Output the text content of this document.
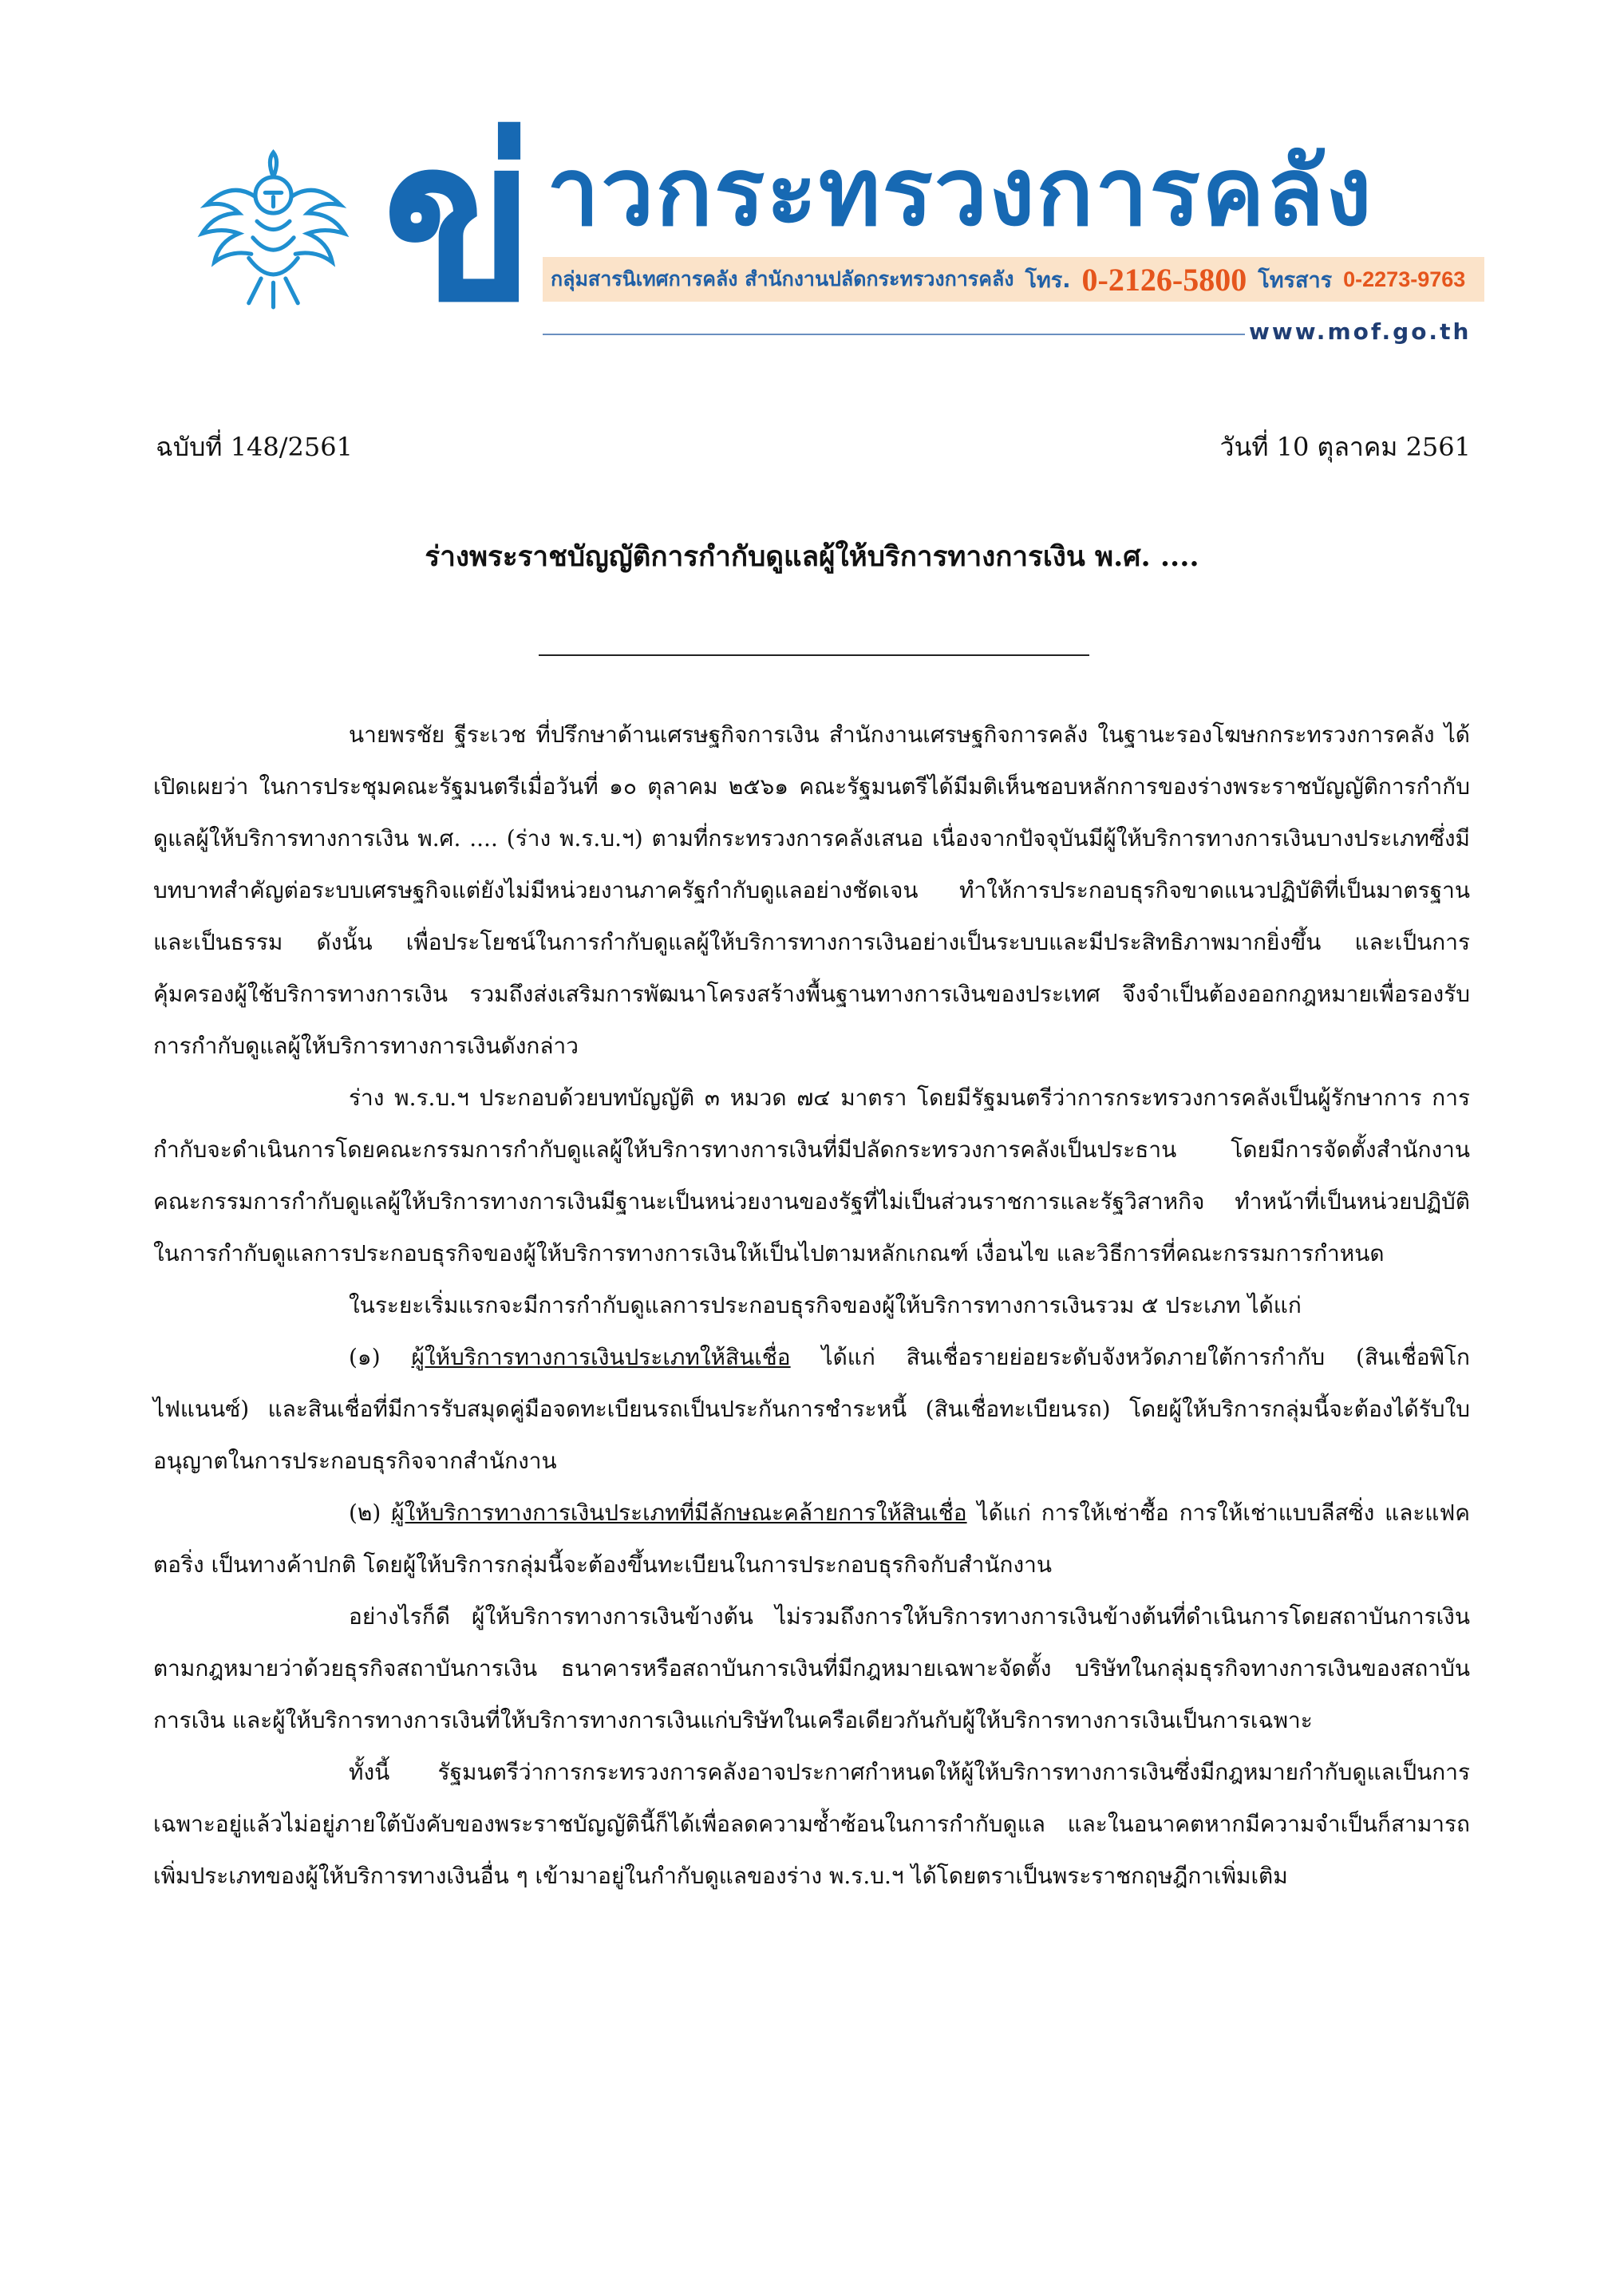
ข่ าวกระทรวงการคลัง
กลุ่มสารนิเทศการคลัง สำนักงานปลัดกระทรวงการคลัง โทร. 0-2126-5800 โทรสาร 0-2273-9763
www.mof.go.th
ฉบับที่ 148/2561	วันที่ 10 ตุลาคม 2561
ร่างพระราชบัญญัติการกำกับดูแลผู้ให้บริการทางการเงิน พ.ศ. ....

นายพรชัย ฐีระเวช ที่ปรึกษาด้านเศรษฐกิจการเงิน สำนักงานเศรษฐกิจการคลัง ในฐานะรองโฆษกกระทรวงการคลัง ได้เปิดเผยว่า ในการประชุมคณะรัฐมนตรีเมื่อวันที่ ๑๐ ตุลาคม ๒๕๖๑ คณะรัฐมนตรีได้มีมติเห็นชอบหลักการของร่างพระราชบัญญัติการกำกับดูแลผู้ให้บริการทางการเงิน พ.ศ. .... (ร่าง พ.ร.บ.ฯ) ตามที่กระทรวงการคลังเสนอ เนื่องจากปัจจุบันมีผู้ให้บริการทางการเงินบางประเภทซึ่งมีบทบาทสำคัญต่อระบบเศรษฐกิจแต่ยังไม่มีหน่วยงานภาครัฐกำกับดูแลอย่างชัดเจน ทำให้การประกอบธุรกิจขาดแนวปฏิบัติที่เป็นมาตรฐานและเป็นธรรม ดังนั้น เพื่อประโยชน์ในการกำกับดูแลผู้ให้บริการทางการเงินอย่างเป็นระบบและมีประสิทธิภาพมากยิ่งขึ้น และเป็นการคุ้มครองผู้ใช้บริการทางการเงิน รวมถึงส่งเสริมการพัฒนาโครงสร้างพื้นฐานทางการเงินของประเทศ จึงจำเป็นต้องออกกฎหมายเพื่อรองรับการกำกับดูแลผู้ให้บริการทางการเงินดังกล่าว

ร่าง พ.ร.บ.ฯ ประกอบด้วยบทบัญญัติ ๓ หมวด ๗๔ มาตรา โดยมีรัฐมนตรีว่าการกระทรวงการคลังเป็นผู้รักษาการ การกำกับจะดำเนินการโดยคณะกรรมการกำกับดูแลผู้ให้บริการทางการเงินที่มีปลัดกระทรวงการคลังเป็นประธาน โดยมีการจัดตั้งสำนักงานคณะกรรมการกำกับดูแลผู้ให้บริการทางการเงินมีฐานะเป็นหน่วยงานของรัฐที่ไม่เป็นส่วนราชการและรัฐวิสาหกิจ ทำหน้าที่เป็นหน่วยปฏิบัติในการกำกับดูแลการประกอบธุรกิจของผู้ให้บริการทางการเงินให้เป็นไปตามหลักเกณฑ์ เงื่อนไข และวิธีการที่คณะกรรมการกำหนด

ในระยะเริ่มแรกจะมีการกำกับดูแลการประกอบธุรกิจของผู้ให้บริการทางการเงินรวม ๕ ประเภท ได้แก่

(๑) ผู้ให้บริการทางการเงินประเภทให้สินเชื่อ ได้แก่ สินเชื่อรายย่อยระดับจังหวัดภายใต้การกำกับ (สินเชื่อพิโกไฟแนนซ์) และสินเชื่อที่มีการรับสมุดคู่มือจดทะเบียนรถเป็นประกันการชำระหนี้ (สินเชื่อทะเบียนรถ) โดยผู้ให้บริการกลุ่มนี้จะต้องได้รับใบอนุญาตในการประกอบธุรกิจจากสำนักงาน

(๒) ผู้ให้บริการทางการเงินประเภทที่มีลักษณะคล้ายการให้สินเชื่อ ได้แก่ การให้เช่าซื้อ การให้เช่าแบบลีสซิ่ง และแฟคตอริ่ง เป็นทางค้าปกติ โดยผู้ให้บริการกลุ่มนี้จะต้องขึ้นทะเบียนในการประกอบธุรกิจกับสำนักงาน

อย่างไรก็ดี ผู้ให้บริการทางการเงินข้างต้น ไม่รวมถึงการให้บริการทางการเงินข้างต้นที่ดำเนินการโดยสถาบันการเงินตามกฎหมายว่าด้วยธุรกิจสถาบันการเงิน ธนาคารหรือสถาบันการเงินที่มีกฎหมายเฉพาะจัดตั้ง บริษัทในกลุ่มธุรกิจทางการเงินของสถาบันการเงิน และผู้ให้บริการทางการเงินที่ให้บริการทางการเงินแก่บริษัทในเครือเดียวกันกับผู้ให้บริการทางการเงินเป็นการเฉพาะ

ทั้งนี้ รัฐมนตรีว่าการกระทรวงการคลังอาจประกาศกำหนดให้ผู้ให้บริการทางการเงินซึ่งมีกฎหมายกำกับดูแลเป็นการเฉพาะอยู่แล้วไม่อยู่ภายใต้บังคับของพระราชบัญญัตินี้ก็ได้เพื่อลดความซ้ำซ้อนในการกำกับดูแล และในอนาคตหากมีความจำเป็นก็สามารถเพิ่มประเภทของผู้ให้บริการทางเงินอื่น ๆ เข้ามาอยู่ในกำกับดูแลของร่าง พ.ร.บ.ฯ ได้โดยตราเป็นพระราชกฤษฎีกาเพิ่มเติม
